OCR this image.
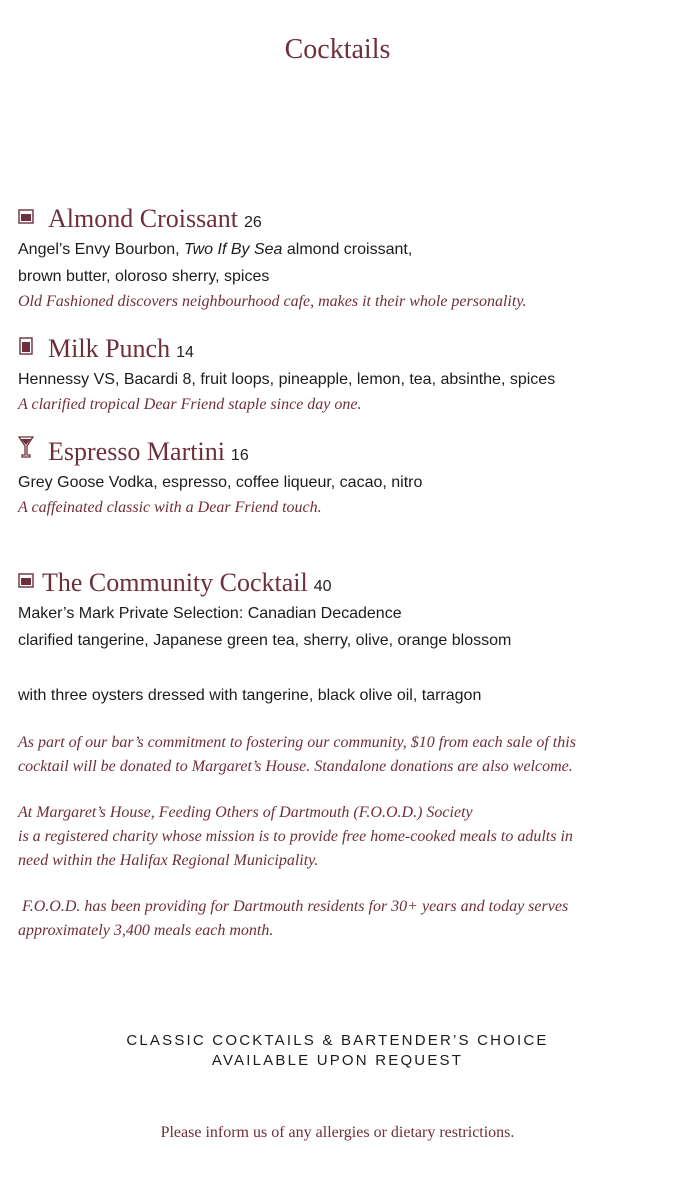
Cocktails
Almond Croissant 26
Angel’s Envy Bourbon, Two If By Sea almond croissant,
brown butter, oloroso sherry, spices
Old Fashioned discovers neighbourhood cafe, makes it their whole personality.
Milk Punch 14
Hennessy VS, Bacardi 8, fruit loops, pineapple, lemon, tea, absinthe, spices
A clarified tropical Dear Friend staple since day one.
Espresso Martini 16
Grey Goose Vodka, espresso, coffee liqueur, cacao, nitro
A caffeinated classic with a Dear Friend touch.
The Community Cocktail 40
Maker’s Mark Private Selection: Canadian Decadence
clarified tangerine, Japanese green tea, sherry, olive, orange blossom
with three oysters dressed with tangerine, black olive oil, tarragon
As part of our bar’s commitment to fostering our community, $10 from each sale of this
cocktail will be donated to Margaret’s House. Standalone donations are also welcome.
At Margaret’s House, Feeding Others of Dartmouth (F.O.O.D.) Society
is a registered charity whose mission is to provide free home-cooked meals to adults in
need within the Halifax Regional Municipality.
F.O.O.D. has been providing for Dartmouth residents for 30+ years and today serves
approximately 3,400 meals each month.
CLASSIC COCKTAILS & BARTENDER’S CHOICE
AVAILABLE UPON REQUEST
Please inform us of any allergies or dietary restrictions.
